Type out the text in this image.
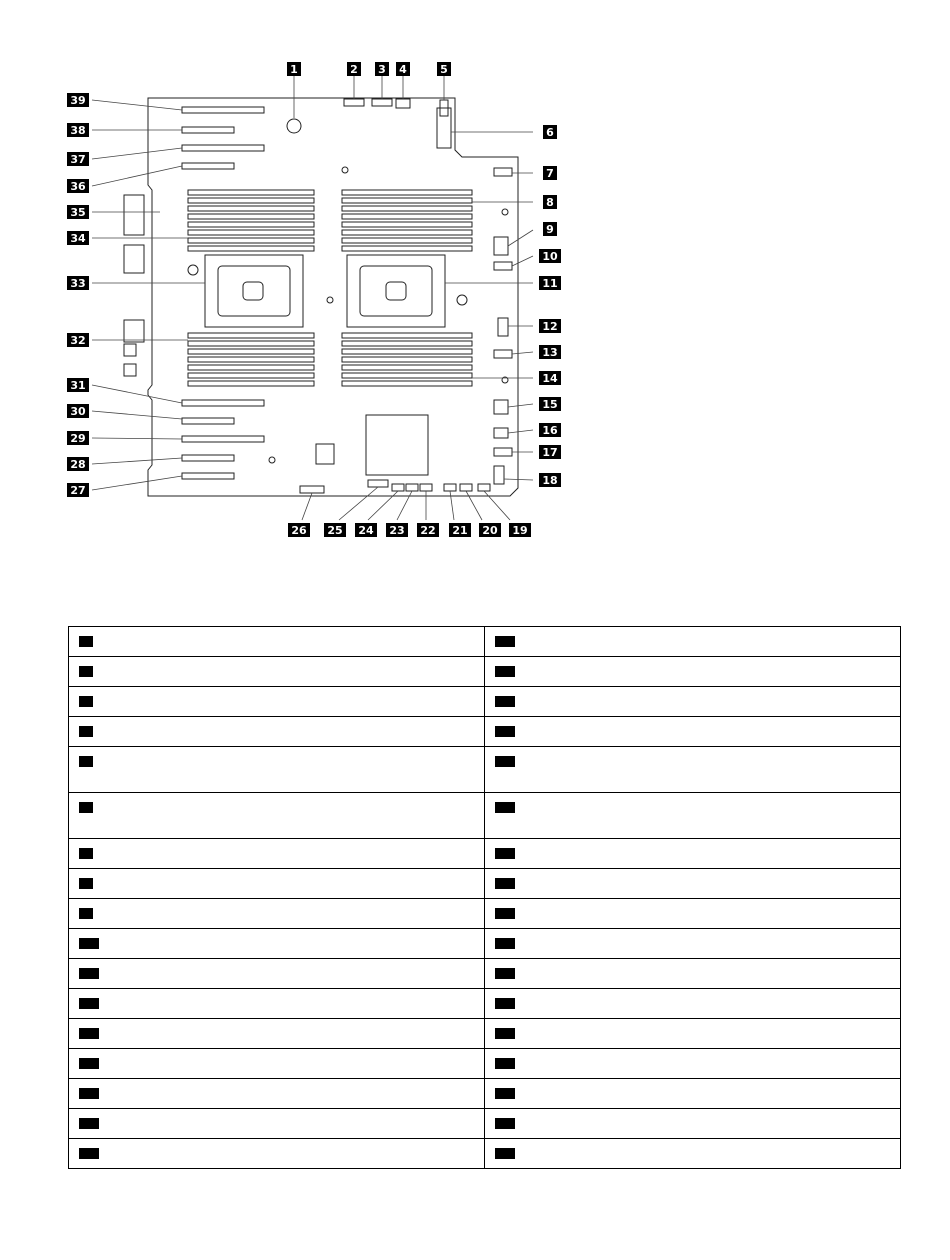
1	2 3 4	5
6
7
8
9
10
11
12
13
14
15
16
17
18
19
20
21
22
23
24
25
26
27
28
29
30
31
32
33
34
35
36
37
38
39
